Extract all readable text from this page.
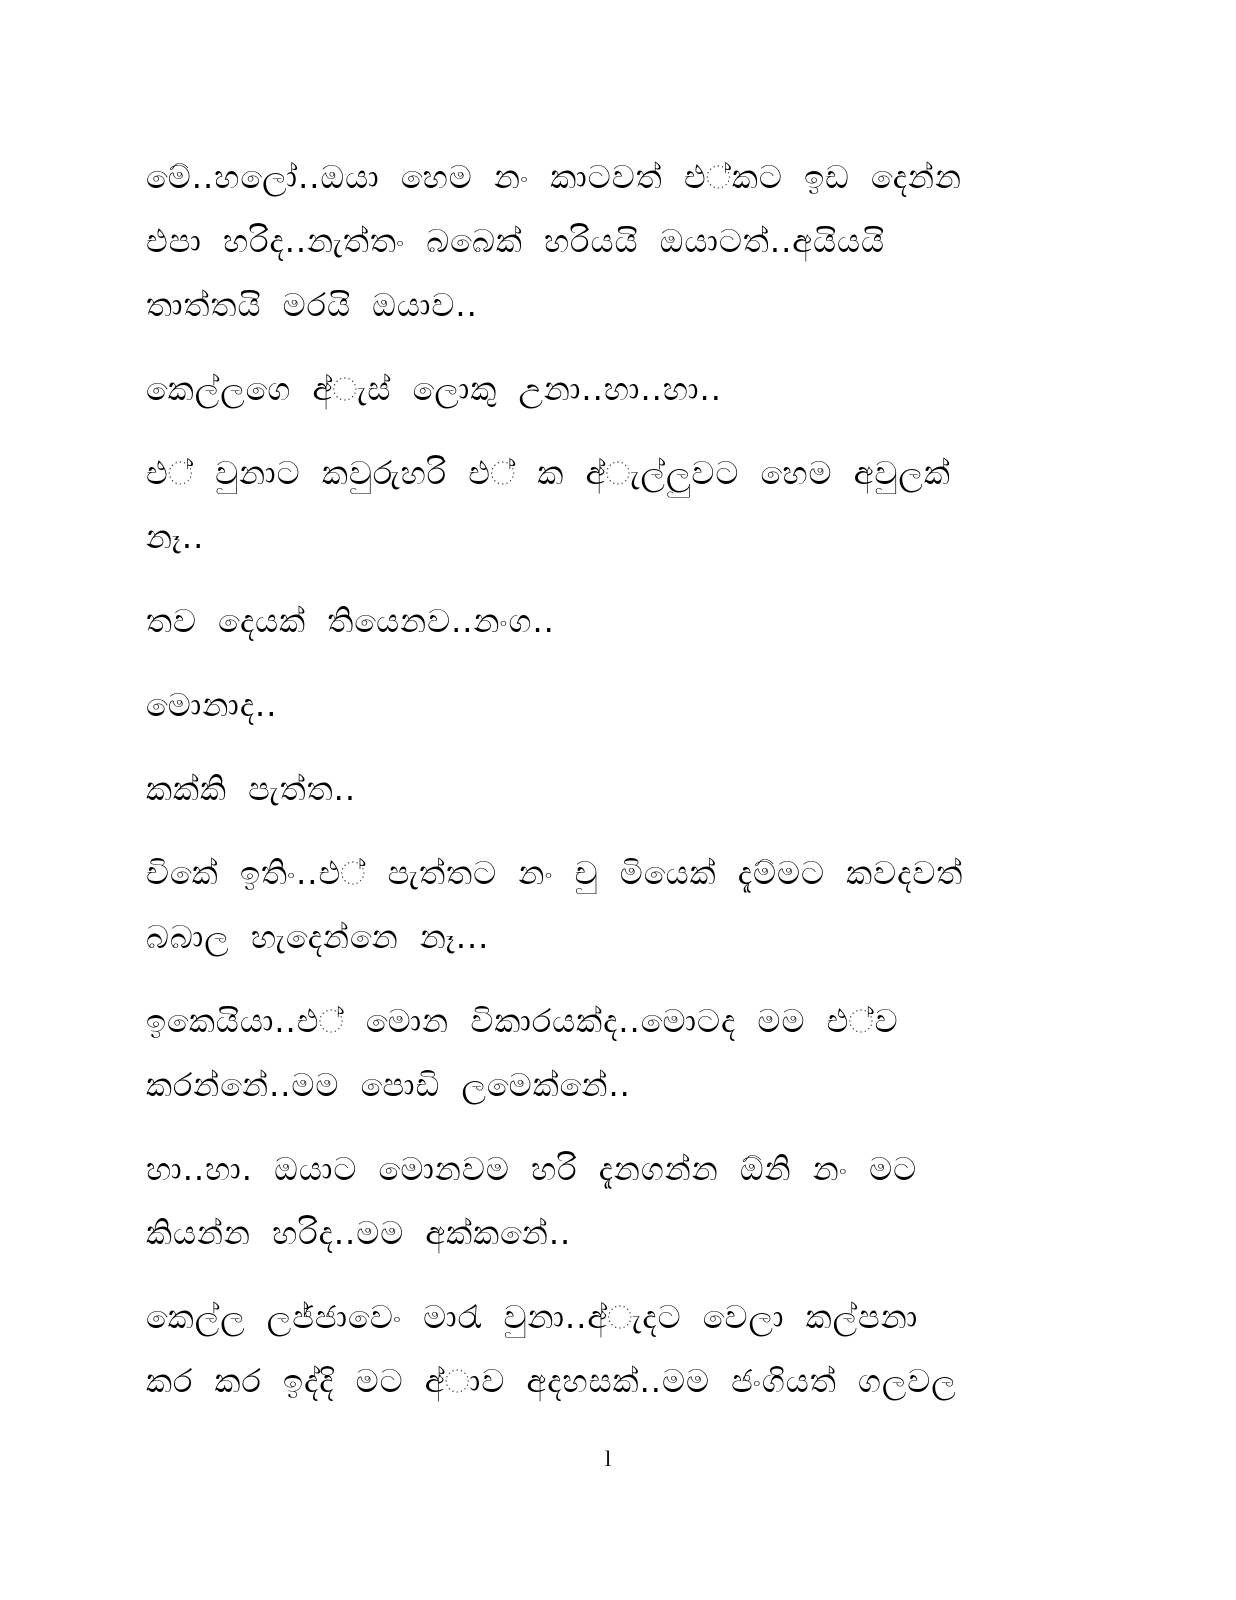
මේ..හලෝ..ඔයා හෙම නං කාටවත් එ්කට ඉඩ දෙන්න
එපා හරිද..නැත්තං බබෙක් හරියයි ඔයාටත්..අයියයි
තාත්තයි මරයි ඔයාව..
කෙල්ලගෙ අ්ැස් ලොකු උනා..හා..හා..
එ් වුනාට කවුරුහරි එ් ක අ්ැල්ලුවට හෙම අවුලක්
නෑ..
තව දෙයක් තියෙනව..නංග..
මොනාද..
කක්කි පැත්ත..
චිකේ ඉතිං..එ් පැත්තට නං චු මියෙක් දැම්මට කවදවත්
බබාල හැදෙන්නෙ නෑ...
ඉකෙයියා..එ් මොන විකාරයක්ද..මොටද මම එ්ව
කරන්නේ..මම පොඩි ලමෙක්නේ..
හා..හා. ඔයාට මොනවම හරි දැනගන්න ඕනි නං මට
කියන්න හරිද..මම අක්කනේ..
කෙල්ල ලජ්ජාවෙං මාරැ වුනා..අ්ැදට වෙලා කල්පනා
කර කර ඉද්දි මට අ්ාව අදහසක්..මම ජංගියත් ගලවල
l
